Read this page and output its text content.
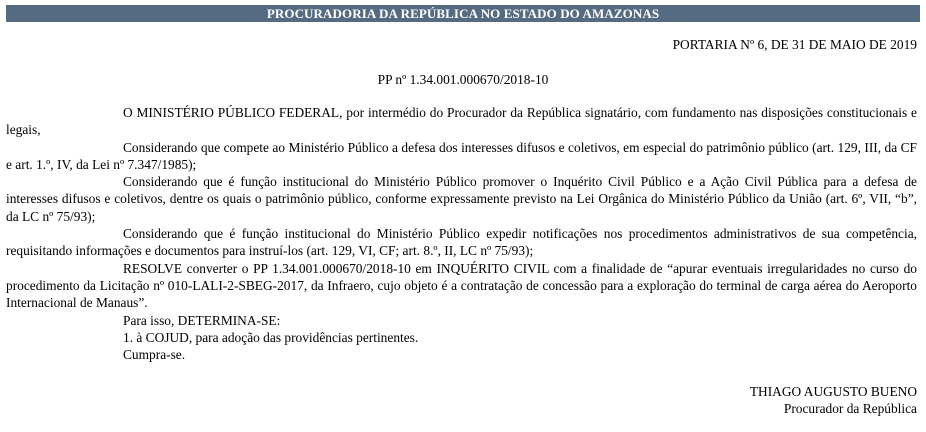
PROCURADORIA DA REPÚBLICA NO ESTADO DO AMAZONAS
PORTARIA Nº 6, DE 31 DE MAIO DE 2019
PP nº 1.34.001.000670/2018-10

O MINISTÉRIO PÚBLICO FEDERAL, por intermédio do Procurador da República signatário, com fundamento nas disposições constitucionais e legais,

Considerando que compete ao Ministério Público a defesa dos interesses difusos e coletivos, em especial do patrimônio público (art. 129, III, da CF e art. 1.º, IV, da Lei nº 7.347/1985);

Considerando que é função institucional do Ministério Público promover o Inquérito Civil Público e a Ação Civil Pública para a defesa de interesses difusos e coletivos, dentre os quais o patrimônio público, conforme expressamente previsto na Lei Orgânica do Ministério Público da União (art. 6º, VII, “b”, da LC nº 75/93);

Considerando que é função institucional do Ministério Público expedir notificações nos procedimentos administrativos de sua competência, requisitando informações e documentos para instruí-los (art. 129, VI, CF; art. 8.º, II, LC nº 75/93);

RESOLVE converter o PP 1.34.001.000670/2018-10 em INQUÉRITO CIVIL com a finalidade de “apurar eventuais irregularidades no curso do procedimento da Licitação nº 010-LALI-2-SBEG-2017, da Infraero, cujo objeto é a contratação de concessão para a exploração do terminal de carga aérea do Aeroporto Internacional de Manaus”.

Para isso, DETERMINA-SE:

1. à COJUD, para adoção das providências pertinentes.

Cumpra-se.

THIAGO AUGUSTO BUENO
Procurador da República
